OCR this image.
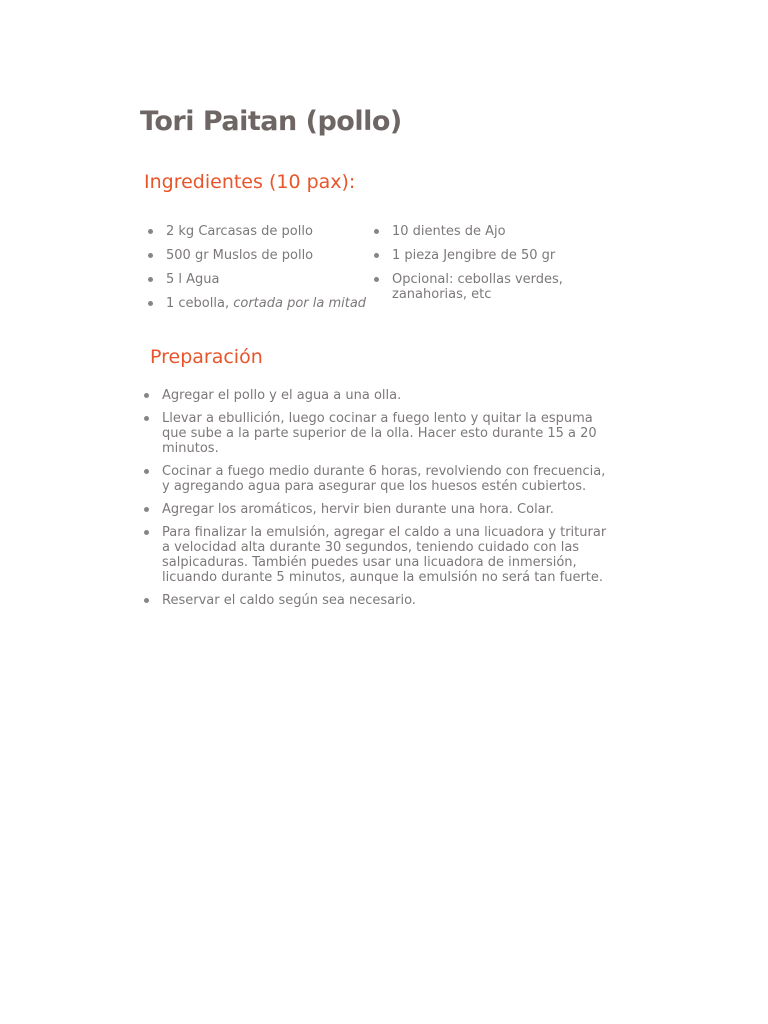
Tori Paitan (pollo)
Ingredientes (10 pax):
2 kg Carcasas de pollo
500 gr Muslos de pollo
5 l Agua
1 cebolla, cortada por la mitad
10 dientes de Ajo
1 pieza Jengibre de 50 gr
Opcional: cebollas verdes, zanahorias, etc
Preparación
Agregar el pollo y el agua a una olla.
Llevar a ebullición, luego cocinar a fuego lento y quitar la espuma que sube a la parte superior de la olla. Hacer esto durante 15 a 20 minutos.
Cocinar a fuego medio durante 6 horas, revolviendo con frecuencia, y agregando agua para asegurar que los huesos estén cubiertos.
Agregar los aromáticos, hervir bien durante una hora. Colar.
Para finalizar la emulsión, agregar el caldo a una licuadora y triturar a velocidad alta durante 30 segundos, teniendo cuidado con las salpicaduras. También puedes usar una licuadora de inmersión, licuando durante 5 minutos, aunque la emulsión no será tan fuerte.
Reservar el caldo según sea necesario.
